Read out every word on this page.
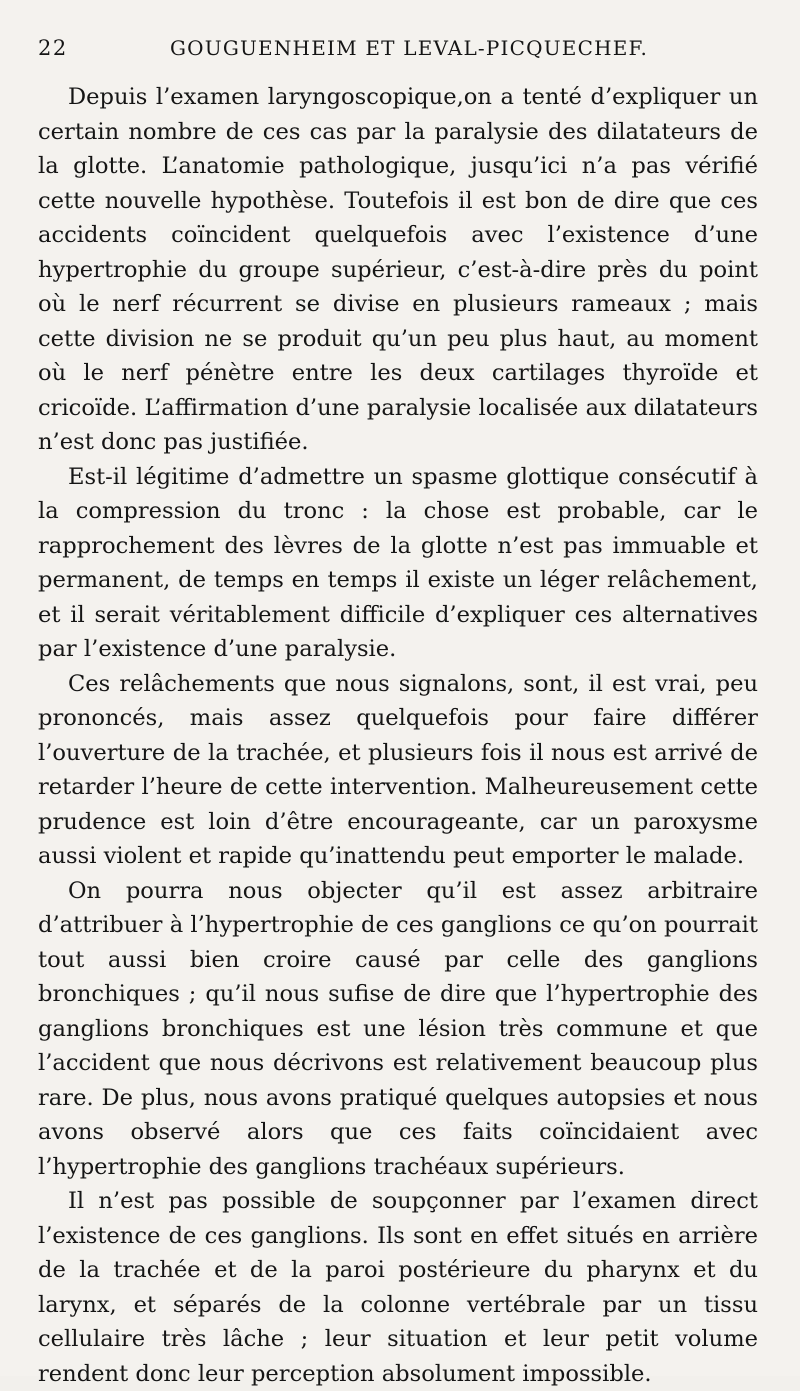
22	GOUGUENHEIM ET LEVAL-PICQUECHEF.

Depuis l’examen laryngoscopique,on a tenté d’expliquer un certain nombre de ces cas par la paralysie des dilatateurs de la glotte. L’anatomie pathologique, jusqu’ici n’a pas vérifié cette nouvelle hypothèse. Toutefois il est bon de dire que ces accidents coïncident quelquefois avec l’existence d’une hypertrophie du groupe supérieur, c’est-à-dire près du point où le nerf récurrent se divise en plusieurs rameaux ; mais cette division ne se produit qu’un peu plus haut, au moment où le nerf pénètre entre les deux cartilages thyroïde et cricoïde. L’affirmation d’une paralysie localisée aux dilatateurs n’est donc pas justifiée.

Est-il légitime d’admettre un spasme glottique consécutif à la compression du tronc : la chose est probable, car le rapprochement des lèvres de la glotte n’est pas immuable et permanent, de temps en temps il existe un léger relâchement, et il serait véritablement difficile d’expliquer ces alternatives par l’existence d’une paralysie.

Ces relâchements que nous signalons, sont, il est vrai, peu prononcés, mais assez quelquefois pour faire différer l’ouverture de la trachée, et plusieurs fois il nous est arrivé de retarder l’heure de cette intervention. Malheureusement cette prudence est loin d’être encourageante, car un paroxysme aussi violent et rapide qu’inattendu peut emporter le malade.

On pourra nous objecter qu’il est assez arbitraire d’attribuer à l’hypertrophie de ces ganglions ce qu’on pourrait tout aussi bien croire causé par celle des ganglions bronchiques ; qu’il nous sufise de dire que l’hypertrophie des ganglions bronchiques est une lésion très commune et que l’accident que nous décrivons est relativement beaucoup plus rare. De plus, nous avons pratiqué quelques autopsies et nous avons observé alors que ces faits coïncidaient avec l’hypertrophie des ganglions trachéaux supérieurs.

Il n’est pas possible de soupçonner par l’examen direct l’existence de ces ganglions. Ils sont en effet situés en arrière de la trachée et de la paroi postérieure du pharynx et du larynx, et séparés de la colonne vertébrale par un tissu cellulaire très lâche ; leur situation et leur petit volume rendent donc leur perception absolument impossible.
